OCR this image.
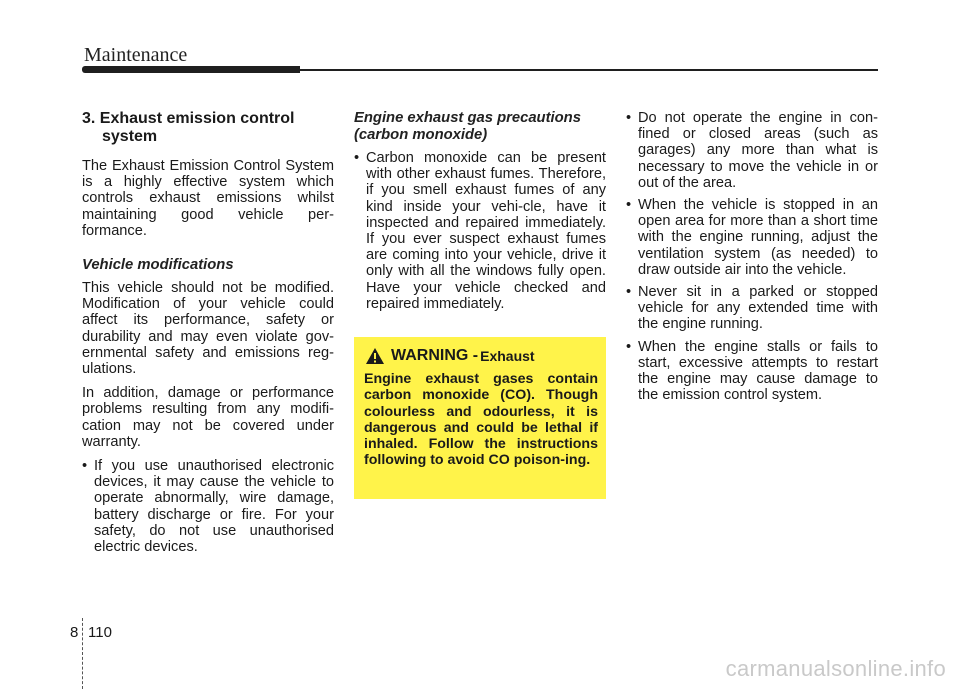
Maintenance
3. Exhaust emission control system

The Exhaust Emission Control System is a highly effective system which controls exhaust emissions whilst maintaining good vehicle per-formance.

Vehicle modifications

This vehicle should not be modified. Modification of your vehicle could affect its performance, safety or durability and may even violate gov-ernmental safety and emissions reg-ulations.

In addition, damage or performance problems resulting from any modifi-cation may not be covered under warranty.

• If you use unauthorised electronic devices, it may cause the vehicle to operate abnormally, wire damage, battery discharge or fire. For your safety, do not use unauthorised electric devices.
Engine exhaust gas precautions (carbon monoxide)
• Carbon monoxide can be present with other exhaust fumes. Therefore, if you smell exhaust fumes of any kind inside your vehi-cle, have it inspected and repaired immediately. If you ever suspect exhaust fumes are coming into your vehicle, drive it only with all the windows fully open. Have your vehicle checked and repaired immediately.
WARNING - Exhaust

Engine exhaust gases contain carbon monoxide (CO). Though colourless and odourless, it is dangerous and could be lethal if inhaled. Follow the instructions following to avoid CO poison-ing.

• Do not operate the engine in con-fined or closed areas (such as garages) any more than what is necessary to move the vehicle in or out of the area.
• When the vehicle is stopped in an open area for more than a short time with the engine running, adjust the ventilation system (as needed) to draw outside air into the vehicle.
• Never sit in a parked or stopped vehicle for any extended time with the engine running.
• When the engine stalls or fails to start, excessive attempts to restart the engine may cause damage to the emission control system.
8 110
carmanualsonline.info
